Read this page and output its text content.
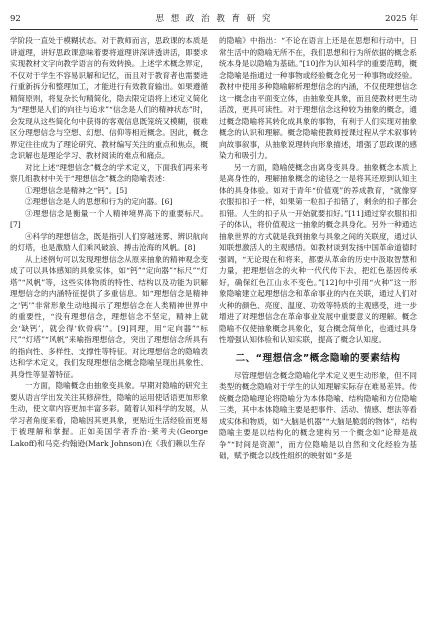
92	思 想 政 治 教 育 研 究	2025 年

学阶段一直处于模糊状态。对于教师而言，思政课的本质是讲道理，讲好思政课意味着要将道理讲深讲透讲活，即要求实现教材文字向教学语言的有效转换。上述学术概念界定，不仅对于学生不容易识解和记忆，而且对于教育者也需要进行重新拆分和整理加工，才能进行有效教育输出。如果遵循精简原则，将复杂长句精简化，隐去限定语将上述定义简化为“理想是人们的向往与追求”“信念是人们的精神状态”时，会发现从这些简化句中获得的客观信息既笼统又模糊，很难区分理想信念与空想、幻想、信仰等相近概念。因此，概念界定往往成为了理论研究、教材编写关注的重点和焦点，概念识解也是理论学习、教材阅读的难点和痛点。

对比上述“理想信念”概念的学术定义，下面我们再来考察几组教材中关于“理想信念”概念的隐喻表述：

①理想信念是精神之“钙”。[5]

②理想信念是人的思想和行为的定向器。[6]

③理想信念是衡量一个人精神境界高下的重要标尺。[7]

④科学的理想信念，既是指引人们穿越迷雾、辨识航向的灯塔，也是激励人们乘风破浪、搏击沧海的风帆。[8]

从上述例句可以发现理想信念从原来抽象的精神观念变成了可以具体感知的具象实体，如“钙”“定向器”“标尺”“灯塔”“风帆”等，这些实体物质的特性、结构以及功能为识解理想信念的内涵特征提供了多重信息。如“理想信念是精神之‘钙’”非常形象生动地揭示了理想信念在人类精神世界中的重要性，“没有理想信念，理想信念不坚定，精神上就会‘缺钙’，就会得‘软骨病’”。[9]同理，用“定向器”“标尺”“灯塔”“风帆”来喻指理想信念，突出了理想信念所具有的指向性、多样性、支撑性等特征。对比理想信念的隐喻表达和学术定义，我们发现理想信念概念隐喻呈现出具象性、具身性等显著特征。

一方面，隐喻概念由抽象变具象。早期对隐喻的研究主要从语言学出发关注其修辞性，隐喻的运用使话语更加形象生动，使文章内容更加丰富多彩。随着认知科学的发展，从学习者角度来看，隐喻因其更具象，更贴近生活经验而更易于被理解和掌握。正如美国学者乔治·莱考夫(George Lakoff)和马克·约翰逊(Mark Johnson)在《我们赖以生存

的隐喻》中指出：“不论在语言上还是在思想和行动中，日常生活中的隐喻无所不在，我们思想和行为所依据的概念系统本身是以隐喻为基础。”[10]作为认知科学的重要范畴，概念隐喻是指通过一种事物或经验概念化另一种事物或经验。教材中使用多种隐喻解析理想信念的内涵，不仅使理想信念这一概念由平面变立体，由抽象变具象，而且使教材更生动活泼，更具可读性。对于理想信念这种较为抽象的概念，通过概念隐喻将其转化成具象的事物，有利于人们实现对抽象概念的认识和理解。概念隐喻使教师授课过程从学术叙事转向故事叙事，从抽象说理转向形象描述，增强了思政课的感染力和吸引力。

另一方面，隐喻使概念由离身变具身。抽象概念本质上是离身性的，理解抽象概念的途径之一是将其还原到认知主体的具身体验。如对于青年“价值观”的养成教育，“就像穿衣服扣扣子一样，如果第一粒扣子扣错了，剩余的扣子都会扣错。人生的扣子从一开始就要扣好。”[11]通过穿衣服扣扣子的体认，将价值观这一抽象的概念具身化。另外一种通达抽象世界的方式就是我到抽象与具象之间的关联度，通过认知联想激活人的主观感悟。如教材谈到发扬中国革命道德时强调，“无论現在和将来，都要从革命的历史中汲取智慧和力量，把理想信念的火种一代代传下去，把红色基因传承好，确保红色江山永不变色。”[12]句中引用“火种”这一形象隐喻建立起理想信念和革命事业的内在关联，通过人们对火种的颜色、亮度、温度、功效等特质的主观感受，进一步增进了对理想信念在革命事业发展中重要意义的理解。概念隐喻不仅使抽象概念具象化，复合概念简单化，也通过具身性增强认知体验和认知实联，提高了概念认知度。

二、“理想信念”概念隐喻的要素结构

尽管理想信念概念隐喻化学术定义更生动形象，但不同类型的概念隐喻对于学生的认知理解实际存在难易差异。传统概念隐喻理论将隐喻分为本体隐喻、结构隐喻和方位隐喻三类，其中本体隐喻主要是把事件、活动、情感、想法等看成实体和物质，如“大脑是机器”“大脑是脆弱的物体”，结构隐喻主要是以结构化的概念建构另一个概念如“论辩是战争”“时间是资源”，而方位隐喻是以自然和文化经验为基础，赋予概念以线性组织的映射如“多是
